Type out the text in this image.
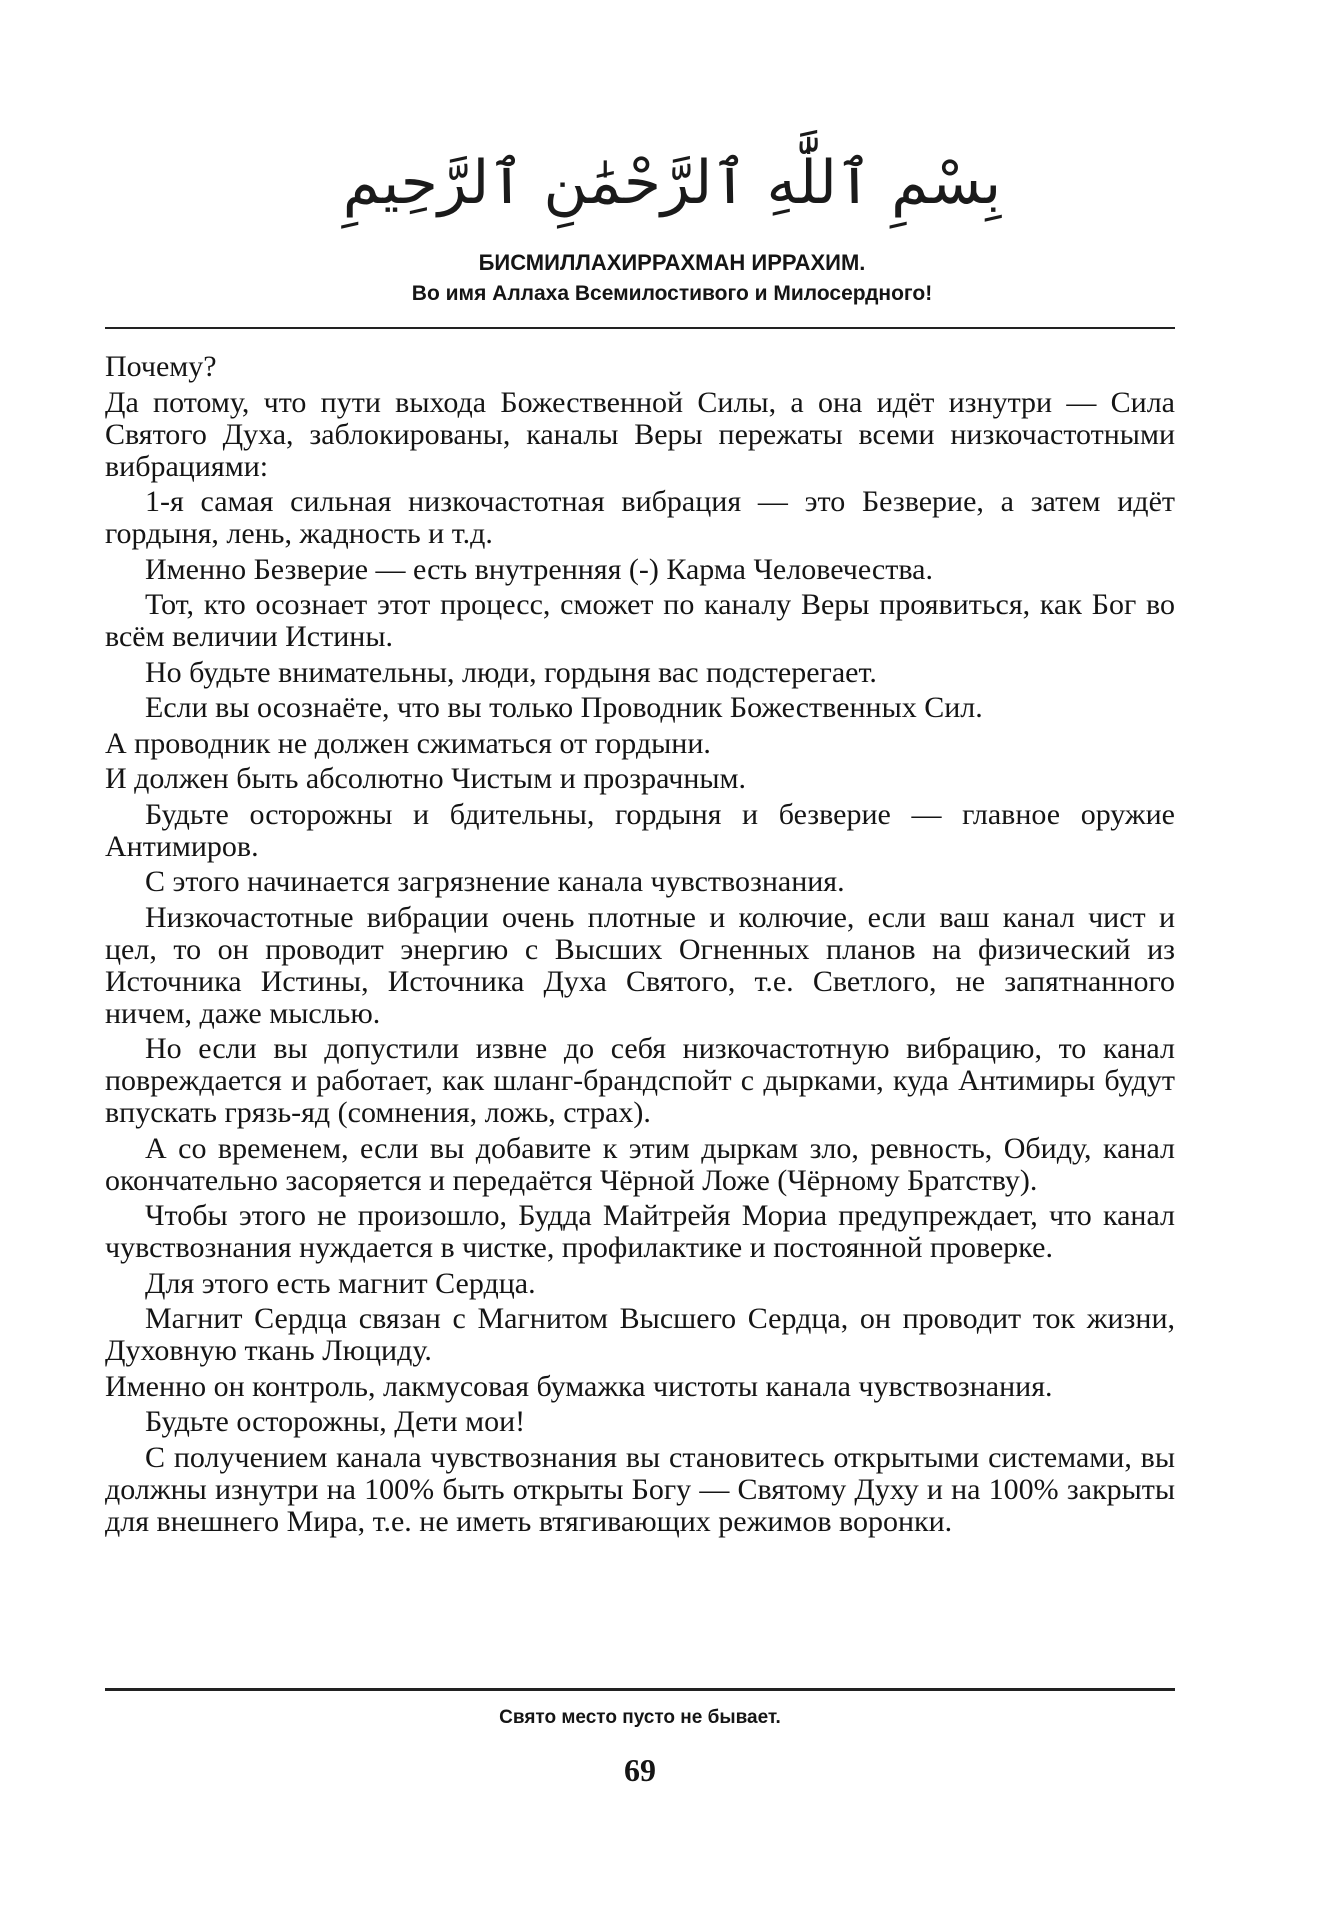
بِسْمِ ٱللَّٰهِ ٱلرَّحْمَٰنِ ٱلرَّحِيمِ
БИСМИЛЛАХИРРАХМАН ИРРАХИМ.
Во имя Аллаха Всемилостивого и Милосердного!

Почему?

Да потому, что пути выхода Божественной Силы, а она идёт изнутри — Сила Святого Духа, заблокированы, каналы Веры пережаты всеми низкочастотными вибрациями:

1-я самая сильная низкочастотная вибрация — это Безверие, а затем идёт гордыня, лень, жадность и т.д.

Именно Безверие — есть внутренняя (-) Карма Человечества.

Тот, кто осознает этот процесс, сможет по каналу Веры проявиться, как Бог во всём величии Истины.

Но будьте внимательны, люди, гордыня вас подстерегает.

Если вы осознаёте, что вы только Проводник Божественных Сил.

А проводник не должен сжиматься от гордыни.

И должен быть абсолютно Чистым и прозрачным.

Будьте осторожны и бдительны, гордыня и безверие — главное оружие Антимиров.

С этого начинается загрязнение канала чувствознания.

Низкочастотные вибрации очень плотные и колючие, если ваш канал чист и цел, то он проводит энергию с Высших Огненных планов на физический из Источника Истины, Источника Духа Святого, т.е. Светлого, не запятнанного ничем, даже мыслью.

Но если вы допустили извне до себя низкочастотную вибрацию, то канал повреждается и работает, как шланг-брандспойт с дырками, куда Антимиры будут впускать грязь-яд (сомнения, ложь, страх).

А со временем, если вы добавите к этим дыркам зло, ревность, Обиду, канал окончательно засоряется и передаётся Чёрной Ложе (Чёрному Братству).

Чтобы этого не произошло, Будда Майтрейя Мориа предупреждает, что канал чувствознания нуждается в чистке, профилактике и постоянной проверке.

Для этого есть магнит Сердца.

Магнит Сердца связан с Магнитом Высшего Сердца, он проводит ток жизни, Духовную ткань Люциду.

Именно он контроль, лакмусовая бумажка чистоты канала чувствознания.

Будьте осторожны, Дети мои!

С получением канала чувствознания вы становитесь открытыми системами, вы должны изнутри на 100% быть открыты Богу — Святому Духу и на 100% закрыты для внешнего Мира, т.е. не иметь втягивающих режимов воронки.

Свято место пусто не бывает.
69
